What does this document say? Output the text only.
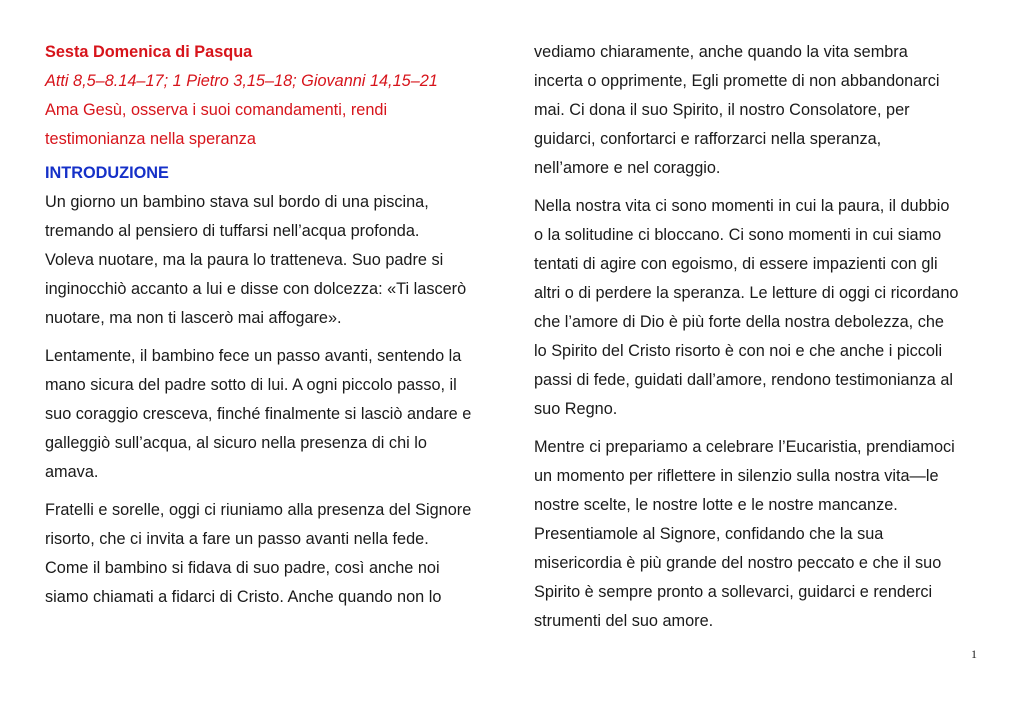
Sesta Domenica di Pasqua

Atti 8,5–8.14–17; 1 Pietro 3,15–18; Giovanni 14,15–21

Ama Gesù, osserva i suoi comandamenti, rendi

testimonianza nella speranza

INTRODUZIONE

Un giorno un bambino stava sul bordo di una piscina,

tremando al pensiero di tuffarsi nell’acqua profonda.

Voleva nuotare, ma la paura lo tratteneva. Suo padre si

inginocchiò accanto a lui e disse con dolcezza: «Ti lascerò

nuotare, ma non ti lascerò mai affogare».

Lentamente, il bambino fece un passo avanti, sentendo la

mano sicura del padre sotto di lui. A ogni piccolo passo, il

suo coraggio cresceva, finché finalmente si lasciò andare e

galleggiò sull’acqua, al sicuro nella presenza di chi lo

amava.

Fratelli e sorelle, oggi ci riuniamo alla presenza del Signore

risorto, che ci invita a fare un passo avanti nella fede.

Come il bambino si fidava di suo padre, così anche noi

siamo chiamati a fidarci di Cristo. Anche quando non lo

vediamo chiaramente, anche quando la vita sembra

incerta o opprimente, Egli promette di non abbandonarci

mai. Ci dona il suo Spirito, il nostro Consolatore, per

guidarci, confortarci e rafforzarci nella speranza,

nell’amore e nel coraggio.

Nella nostra vita ci sono momenti in cui la paura, il dubbio

o la solitudine ci bloccano. Ci sono momenti in cui siamo

tentati di agire con egoismo, di essere impazienti con gli

altri o di perdere la speranza. Le letture di oggi ci ricordano

che l’amore di Dio è più forte della nostra debolezza, che

lo Spirito del Cristo risorto è con noi e che anche i piccoli

passi di fede, guidati dall’amore, rendono testimonianza al

suo Regno.

Mentre ci prepariamo a celebrare l’Eucaristia, prendiamoci

un momento per riflettere in silenzio sulla nostra vita—le

nostre scelte, le nostre lotte e le nostre mancanze.

Presentiamole al Signore, confidando che la sua

misericordia è più grande del nostro peccato e che il suo

Spirito è sempre pronto a sollevarci, guidarci e renderci

strumenti del suo amore.

1
